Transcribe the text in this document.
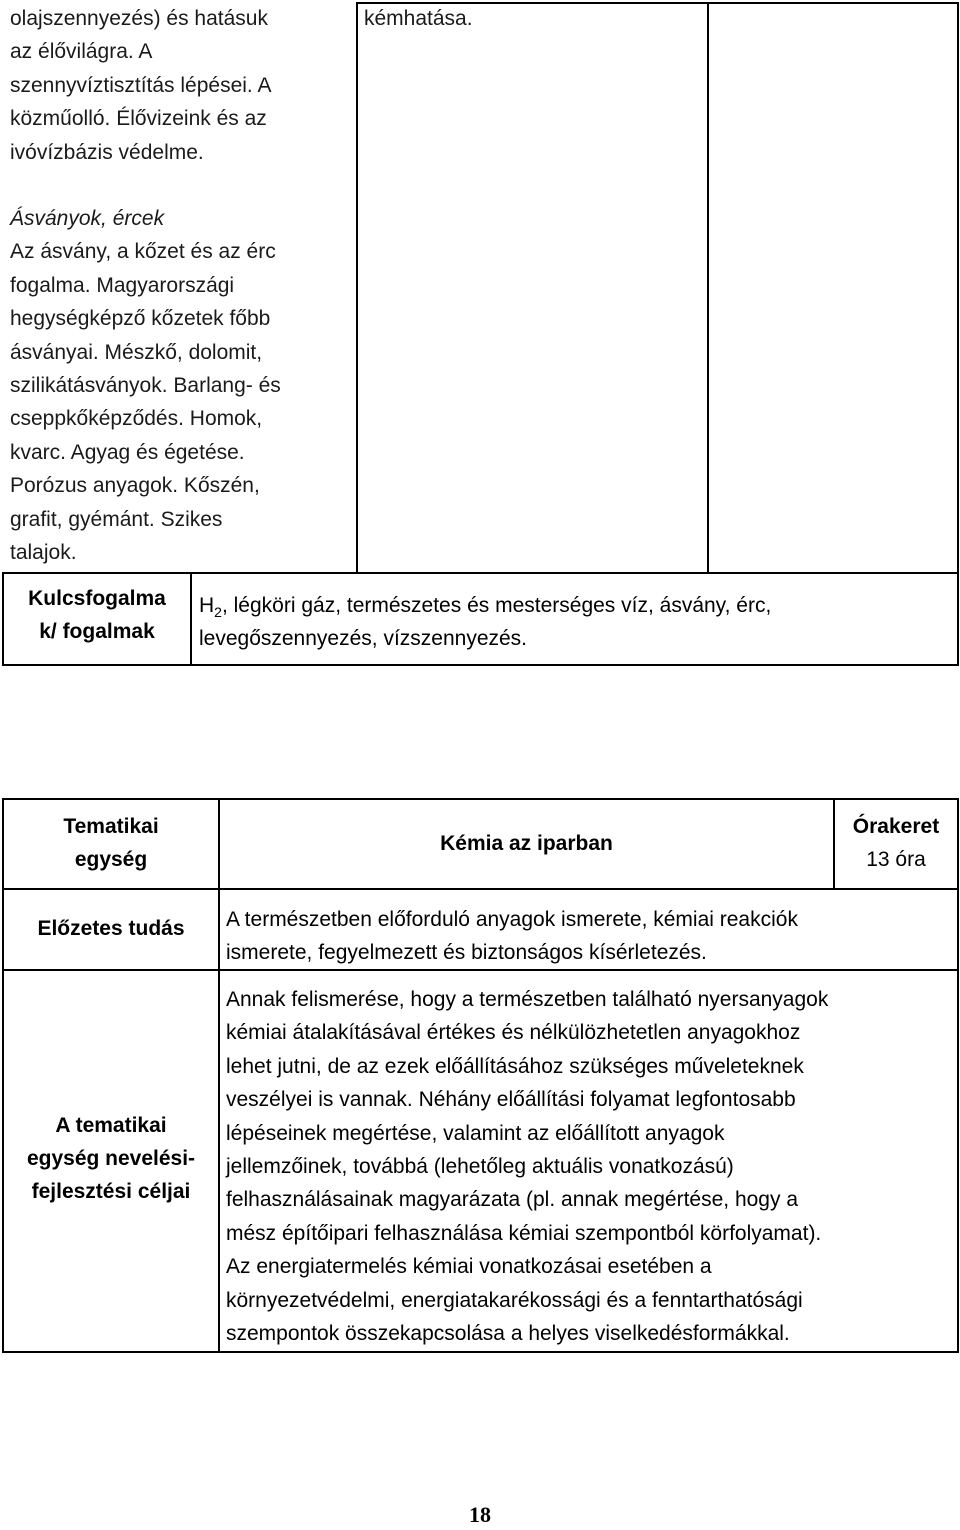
olajszennyezés) és hatásuk

az élővilágra. A

szennyvíztisztítás lépései. A

közműolló. Élővizeink és az

ivóvízbázis védelme.

Ásványok, ércek

Az ásvány, a kőzet és az érc

fogalma. Magyarországi

hegységképző kőzetek főbb

ásványai. Mészkő, dolomit,

szilikátásványok. Barlang- és

cseppkőképződés. Homok,

kvarc. Agyag és égetése.

Porózus anyagok. Kőszén,

grafit, gyémánt. Szikes

talajok.

kémhatása.

Kulcsfogalma

k/ fogalmak

$H_2$, légköri gáz, természetes és mesterséges víz, ásvány, érc,

levegőszennyezés, vízszennyezés.

Tematikai

egység

Kémia az iparban

Órakeret

13 óra

Előzetes tudás	A természetben előforduló anyagok ismerete, kémiai reakciók

ismerete, fegyelmezett és biztonságos kísérletezés.

A tematikai

egység nevelési-

fejlesztési céljai

Annak felismerése, hogy a természetben található nyersanyagok

kémiai átalakításával értékes és nélkülözhetetlen anyagokhoz

lehet jutni, de az ezek előállításához szükséges műveleteknek

veszélyei is vannak. Néhány előállítási folyamat legfontosabb

lépéseinek megértése, valamint az előállított anyagok

jellemzőinek, továbbá (lehetőleg aktuális vonatkozású)

felhasználásainak magyarázata (pl. annak megértése, hogy a

mész építőipari felhasználása kémiai szempontból körfolyamat).

Az energiatermelés kémiai vonatkozásai esetében a

környezetvédelmi, energiatakarékossági és a fenntarthatósági

szempontok összekapcsolása a helyes viselkedésformákkal.

18
